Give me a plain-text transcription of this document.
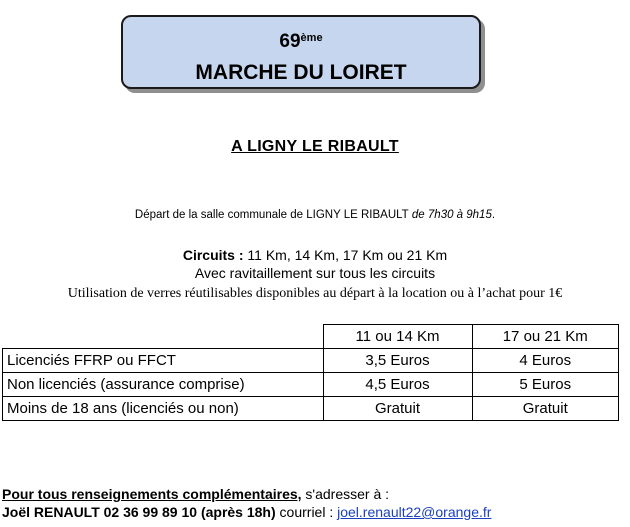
69ème
MARCHE DU LOIRET
A LIGNY LE RIBAULT
Départ de la salle communale de LIGNY LE RIBAULT de 7h30 à 9h15.
Circuits : 11 Km, 14 Km, 17 Km ou 21 Km
Avec ravitaillement sur tous les circuits
Utilisation de verres réutilisables disponibles au départ à la location ou à l’achat pour 1€
	11 ou 14 Km	17 ou 21 Km
Licenciés FFRP ou FFCT	3,5 Euros	4 Euros
Non licenciés (assurance comprise)	4,5 Euros	5 Euros
Moins de 18 ans (licenciés ou non)	Gratuit	Gratuit
Pour tous renseignements complémentaires, s'adresser à :
Joël RENAULT 02 36 99 89 10 (après 18h) courriel : joel.renault22@orange.fr
